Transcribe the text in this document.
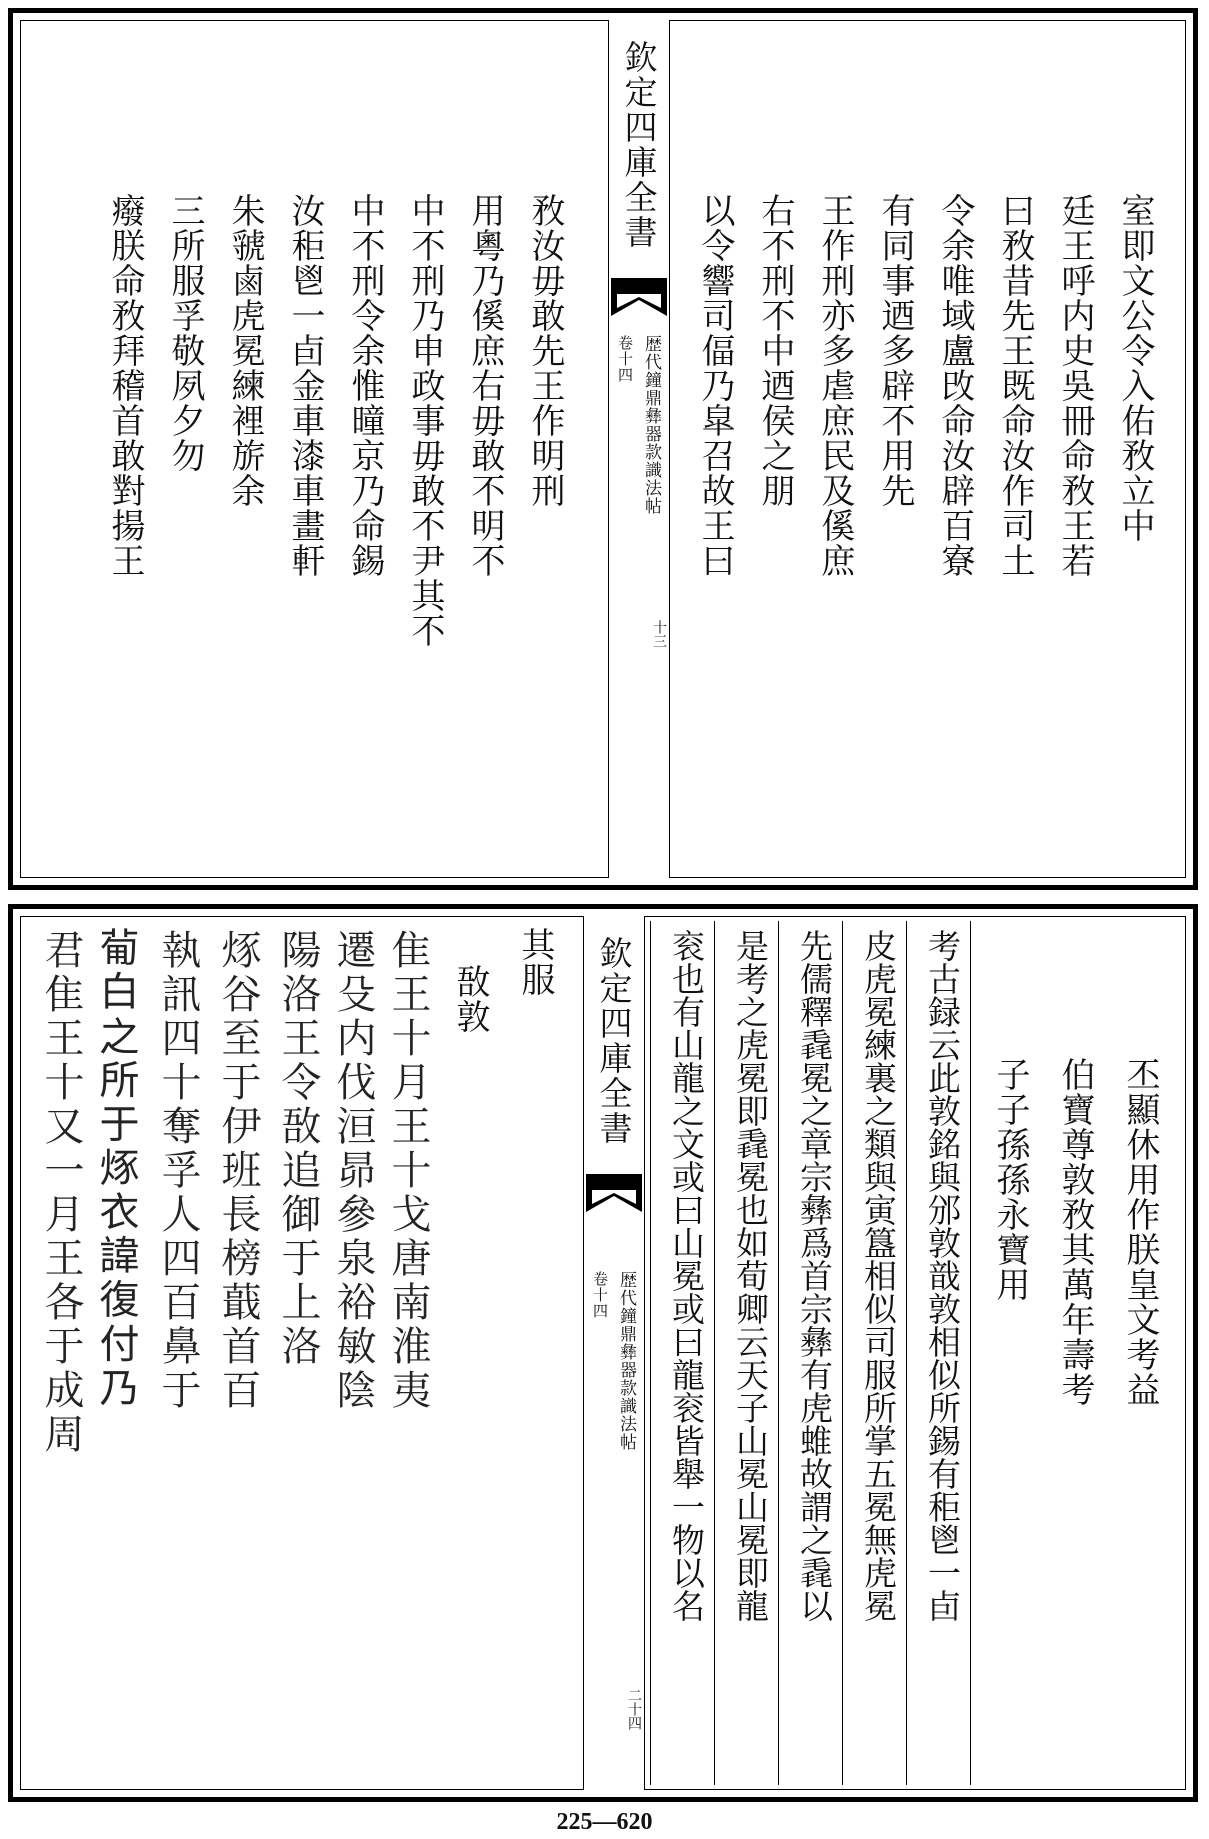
室即文公令入佑敄立中
廷王呼内史吳冊命敄王若
曰敄昔先王既命汝作司土
令余唯域盧攺命汝辟百寮
有同事迺多辟不用先
王作刑亦多虐庶民及傒庶
右不刑不中迺侯之朋
以令響司偪乃皐召故王曰
欽定四庫全書
歴代鐘鼎彝器款識法帖
卷十四
十三
敄汝毋敢先王作明刑
用粵乃傒庶右毋敢不明不
中不刑乃申政事毋敢不尹其不
中不刑令余惟曈京乃命錫
汝秬鬯一卣金車漆車畫軒
朱虢鹵虎冕練裡旂余
三所服孚敬夙夕勿
癈朕命敄拜稽首敢對揚王
丕顯休用作朕皇文考益
伯寶尊敦敄其萬年壽考
子子孫孫永寶用
考古録云此敦銘與邠敦戠敦相似所錫有秬鬯一卣
皮虎冕練裏之類與寅簋相似司服所掌五冕無虎冕
先儒釋毳冕之章宗彝爲首宗彝有虎蜼故謂之毳以
是考之虎冕即毳冕也如荀卿云天子山冕山冕即龍
衮也有山龍之文或曰山冕或曰龍衮皆舉一物以名
欽定四庫全書
歴代鐘鼎彝器款識法帖
卷十四
二十四
其服
敔敦
隹王十月王十戈唐南淮夷
遷殳内伐洹昴參泉裕敏陰
陽洛王令敔追御于上洛
烼谷至于伊班長榜蕺首百
執訊四十奪孚人四百鼻于
𤰈白之所于烼衣諱復付乃
君隹王十又一月王各于成周
225—620
